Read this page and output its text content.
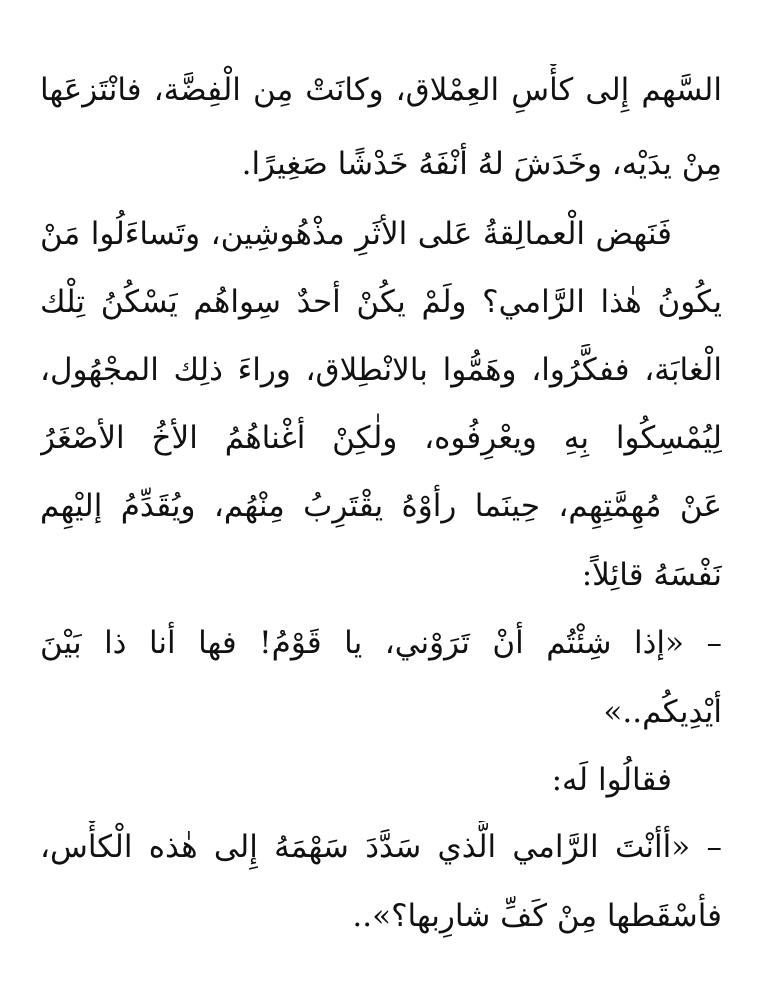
السَّهم إِلى كأْسِ العِمْلاق، وكانَتْ مِن الْفِضَّة، فانْتَزعَها
مِنْ يدَيْه، وخَدَشَ لهُ أنْفَهُ خَدْشًا صَغِيرًا.
فَنَهض الْعمالِقةُ عَلى الأثَرِ مذْهُوشِين، وتَساءَلُوا مَنْ
يكُونُ هٰذا الرَّامي؟ ولَمْ يكُنْ أحدٌ سِواهُم يَسْكُنُ تِلْك
الْغابَة، ففكَّرُوا، وهَمُّوا بالانْطِلاق، وراءَ ذلِك المجْهُول،
لِيُمْسِكُوا بِهِ ويعْرِفُوه، ولٰكِنْ أغْناهُمُ الأخُ الأصْغَرُ
عَنْ مُهِمَّتِهِم، حِينَما رأوْهُ يقْتَرِبُ مِنْهُم، ويُقَدِّمُ إليْهِم
نَفْسَهُ قائِلاً:
– «إذا شِئْتُم أنْ تَرَوْني، يا قَوْمُ! فها أنا ذا بَيْنَ
أيْدِيكُم..»
فقالُوا لَه:
– «أأنْتَ الرَّامي الَّذي سَدَّدَ سَهْمَهُ إِلى هٰذه الْكأْس،
فأسْقَطها مِنْ كَفِّ شارِبها؟»..
